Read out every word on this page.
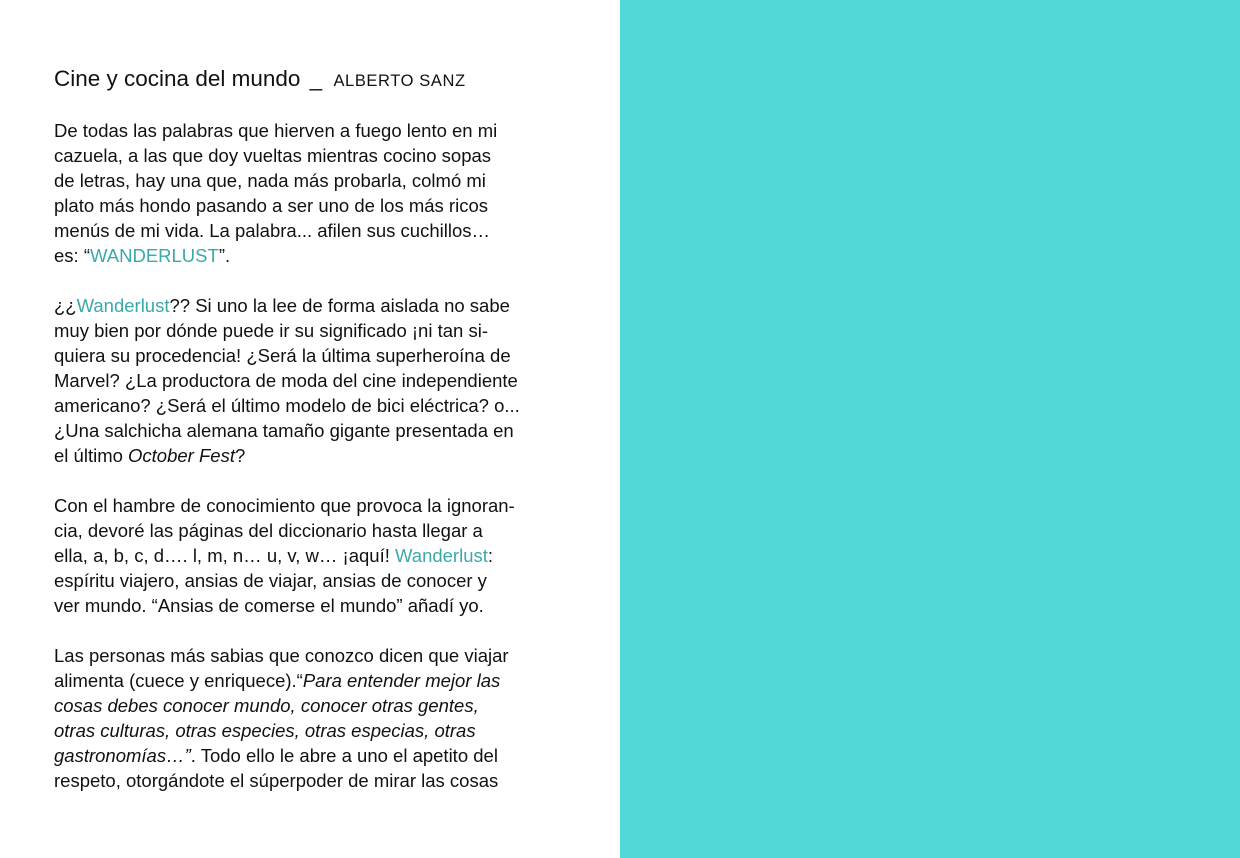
Cine y cocina del mundo _ ALBERTO SANZ
De todas las palabras que hierven a fuego lento en mi
cazuela, a las que doy vueltas mientras cocino sopas
de letras, hay una que, nada más probarla, colmó mi
plato más hondo pasando a ser uno de los más ricos
menús de mi vida. La palabra... afilen sus cuchillos…
es: “WANDERLUST”.
¿¿Wanderlust?? Si uno la lee de forma aislada no sabe
muy bien por dónde puede ir su significado ¡ni tan si-
quiera su procedencia! ¿Será la última superheroína de
Marvel? ¿La productora de moda del cine independiente
americano? ¿Será el último modelo de bici eléctrica? o...
¿Una salchicha alemana tamaño gigante presentada en
el último October Fest?
Con el hambre de conocimiento que provoca la ignoran-
cia, devoré las páginas del diccionario hasta llegar a
ella, a, b, c, d…. l, m, n… u, v, w… ¡aquí! Wanderlust:
espíritu viajero, ansias de viajar, ansias de conocer y
ver mundo. “Ansias de comerse el mundo” añadí yo.
Las personas más sabias que conozco dicen que viajar
alimenta (cuece y enriquece).“Para entender mejor las
cosas debes conocer mundo, conocer otras gentes,
otras culturas, otras especies, otras especias, otras
gastronomías…”. Todo ello le abre a uno el apetito del
respeto, otorgándote el súperpoder de mirar las cosas
